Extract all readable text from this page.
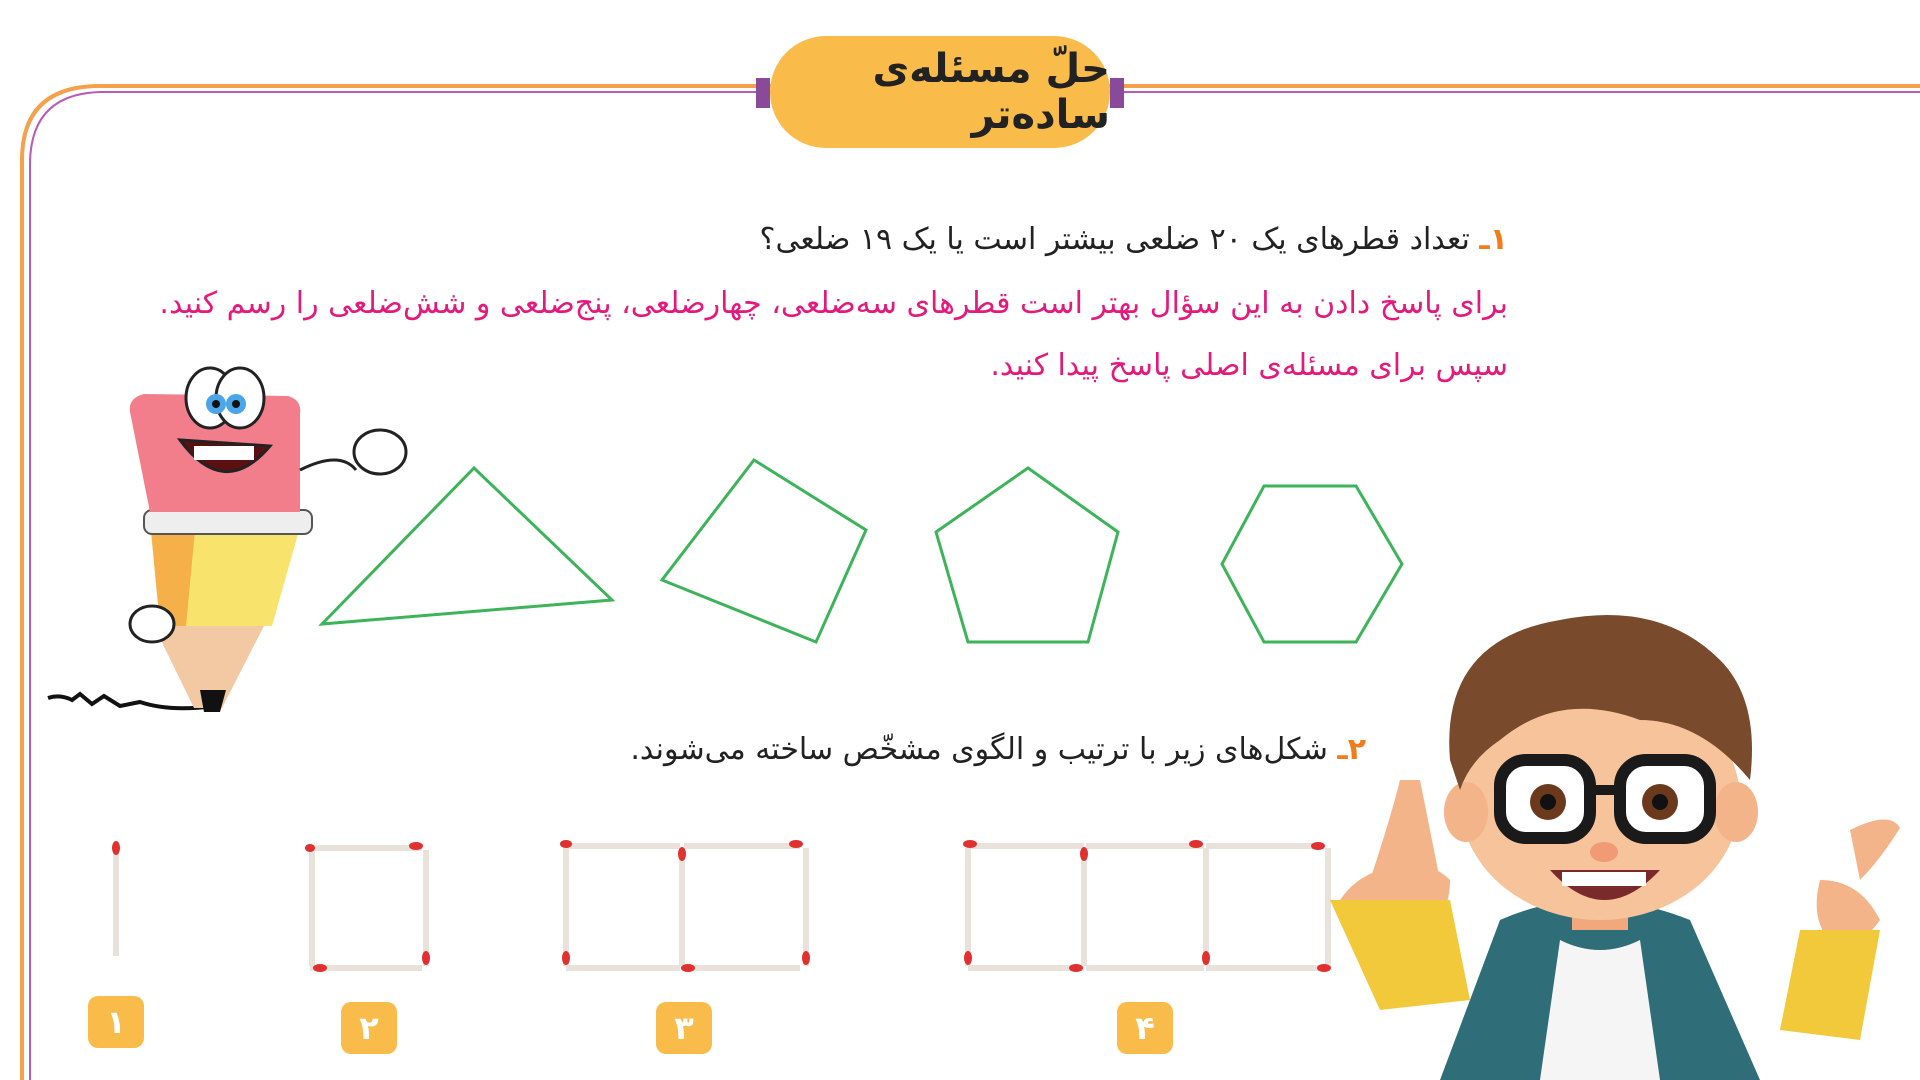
حلّ مسئله‌ی ساده‌تر
۱ـ تعداد قطرهای یک ۲۰ ضلعی بیشتر است یا یک ۱۹ ضلعی؟
برای پاسخ دادن به این سؤال بهتر است قطرهای سه‌ضلعی، چهارضلعی، پنج‌ضلعی و شش‌ضلعی را رسم کنید.
سپس برای مسئله‌ی اصلی پاسخ پیدا کنید.
۲ـ شکل‌های زیر با ترتیب و الگوی مشخّص ساخته می‌شوند.
۱	۲	۳	۴
